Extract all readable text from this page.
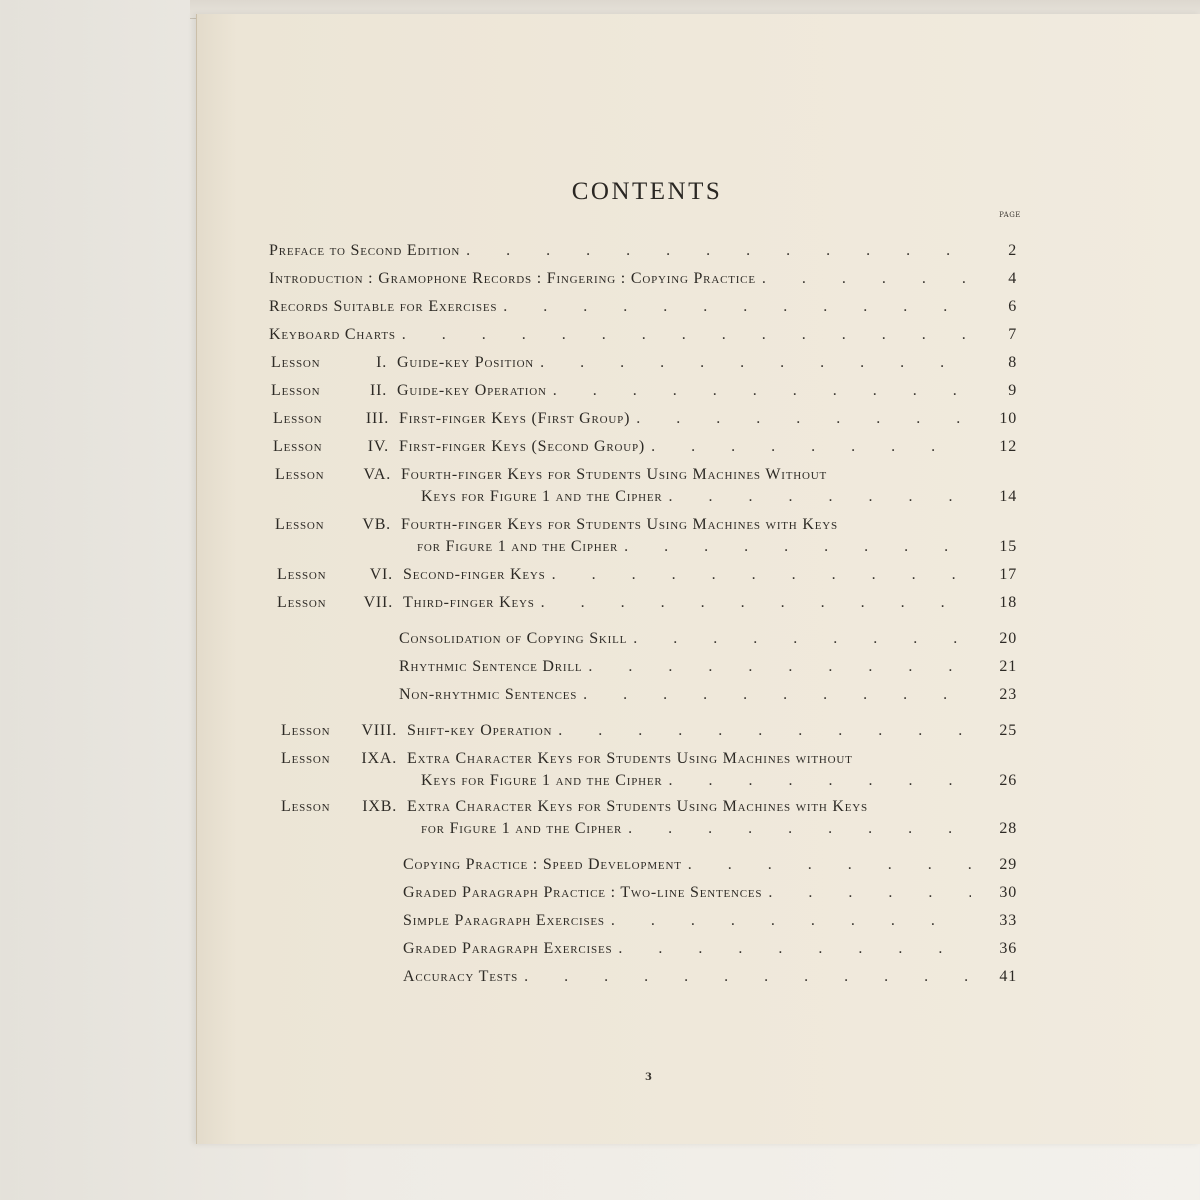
CONTENTS
PAGE
Preface to Second Edition . . .	2
Introduction : Gramophone Records : Fingering : Copying Practice . . .	4
Records Suitable for Exercises . . .	6
Keyboard Charts . . .	7
Lesson	I. Guide-key Position . . .	8
Lesson	II. Guide-key Operation . . .	9
Lesson	III. First-finger Keys (First Group) . . .	10
Lesson	IV. First-finger Keys (Second Group) . . .	12
Lesson	VA. Fourth-finger Keys for Students Using Machines Without
Keys for Figure 1 and the Cipher . . .	14
Lesson	VB. Fourth-finger Keys for Students Using Machines with Keys
for Figure 1 and the Cipher . . .	15
Lesson	VI. Second-finger Keys . . .	17
Lesson	VII. Third-finger Keys . . .	18
Consolidation of Copying Skill . . .	20
Rhythmic Sentence Drill . . .	21
Non-rhythmic Sentences . . .	23
Lesson	VIII. Shift-key Operation . . .	25
Lesson	IXA. Extra Character Keys for Students Using Machines without
Keys for Figure 1 and the Cipher . . .	26
Lesson	IXB. Extra Character Keys for Students Using Machines with Keys
for Figure 1 and the Cipher . . .	28
Copying Practice : Speed Development . . .	29
Graded Paragraph Practice : Two-line Sentences . . .	30
Simple Paragraph Exercises . . .	33
Graded Paragraph Exercises . . .	36
Accuracy Tests . . .	41
3
